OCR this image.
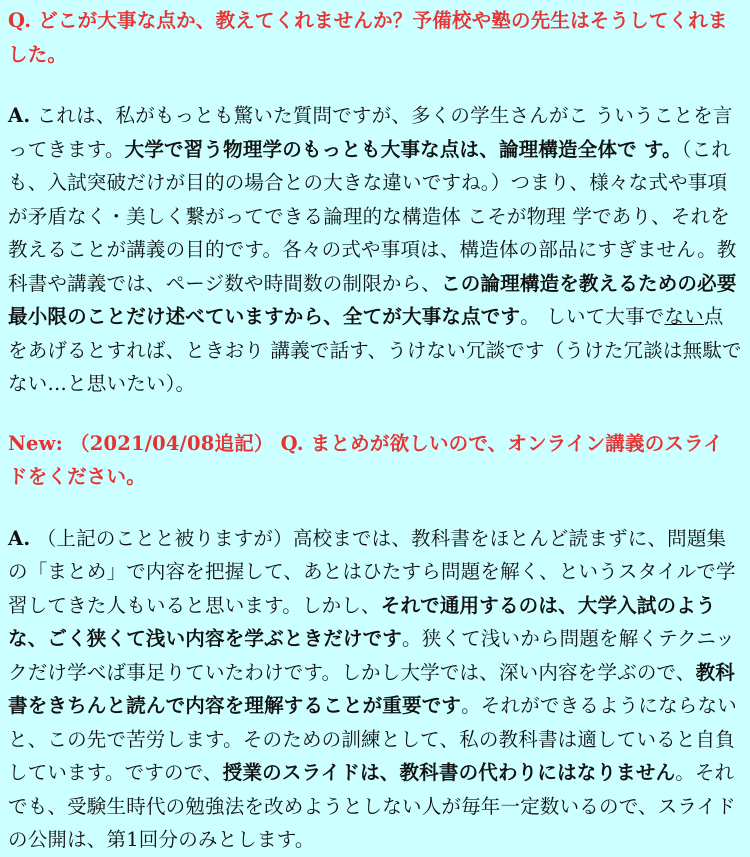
Q. どこが大事な点か、教えてくれませんか？予備校や塾の先生はそうしてくれました。

A. これは、私がもっとも驚いた質問ですが、多くの学生さんがこ ういうことを言ってきます。大学で習う物理学のもっとも大事な点は、論理構造全体で す。（これも、入試突破だけが目的の場合との大きな違いですね。）つまり、様々な式や事項が矛盾なく・美しく繋がってできる論理的な構造体 こそが物理 学であり、それを教えることが講義の目的です。各々の式や事項は、構造体の部品にすぎません。教科書や講義では、ページ数や時間数の制限から、この論理構造を教えるための必要最小限のことだけ述べていますから、全てが大事な点です。 しいて大事でない点をあげるとすれば、ときおり 講義で話す、うけない冗談です（うけた冗談は無駄でない…と思いたい）。

New: （2021/04/08追記） Q. まとめが欲しいので、オンライン講義のスライドをください。

A. （上記のことと被りますが）高校までは、教科書をほとんど読まずに、問題集の「まとめ」で内容を把握して、あとはひたすら問題を解く、というスタイルで学習してきた人もいると思います。しかし、それで通用するのは、大学入試のような、ごく狭くて浅い内容を学ぶときだけです。狭くて浅いから問題を解くテクニックだけ学べば事足りていたわけです。しかし大学では、深い内容を学ぶので、教科書をきちんと読んで内容を理解することが重要です。それができるようにならないと、この先で苦労します。そのための訓練として、私の教科書は適していると自負しています。ですので、授業のスライドは、教科書の代わりにはなりません。それでも、受験生時代の勉強法を改めようとしない人が毎年一定数いるので、スライドの公開は、第1回分のみとします。
